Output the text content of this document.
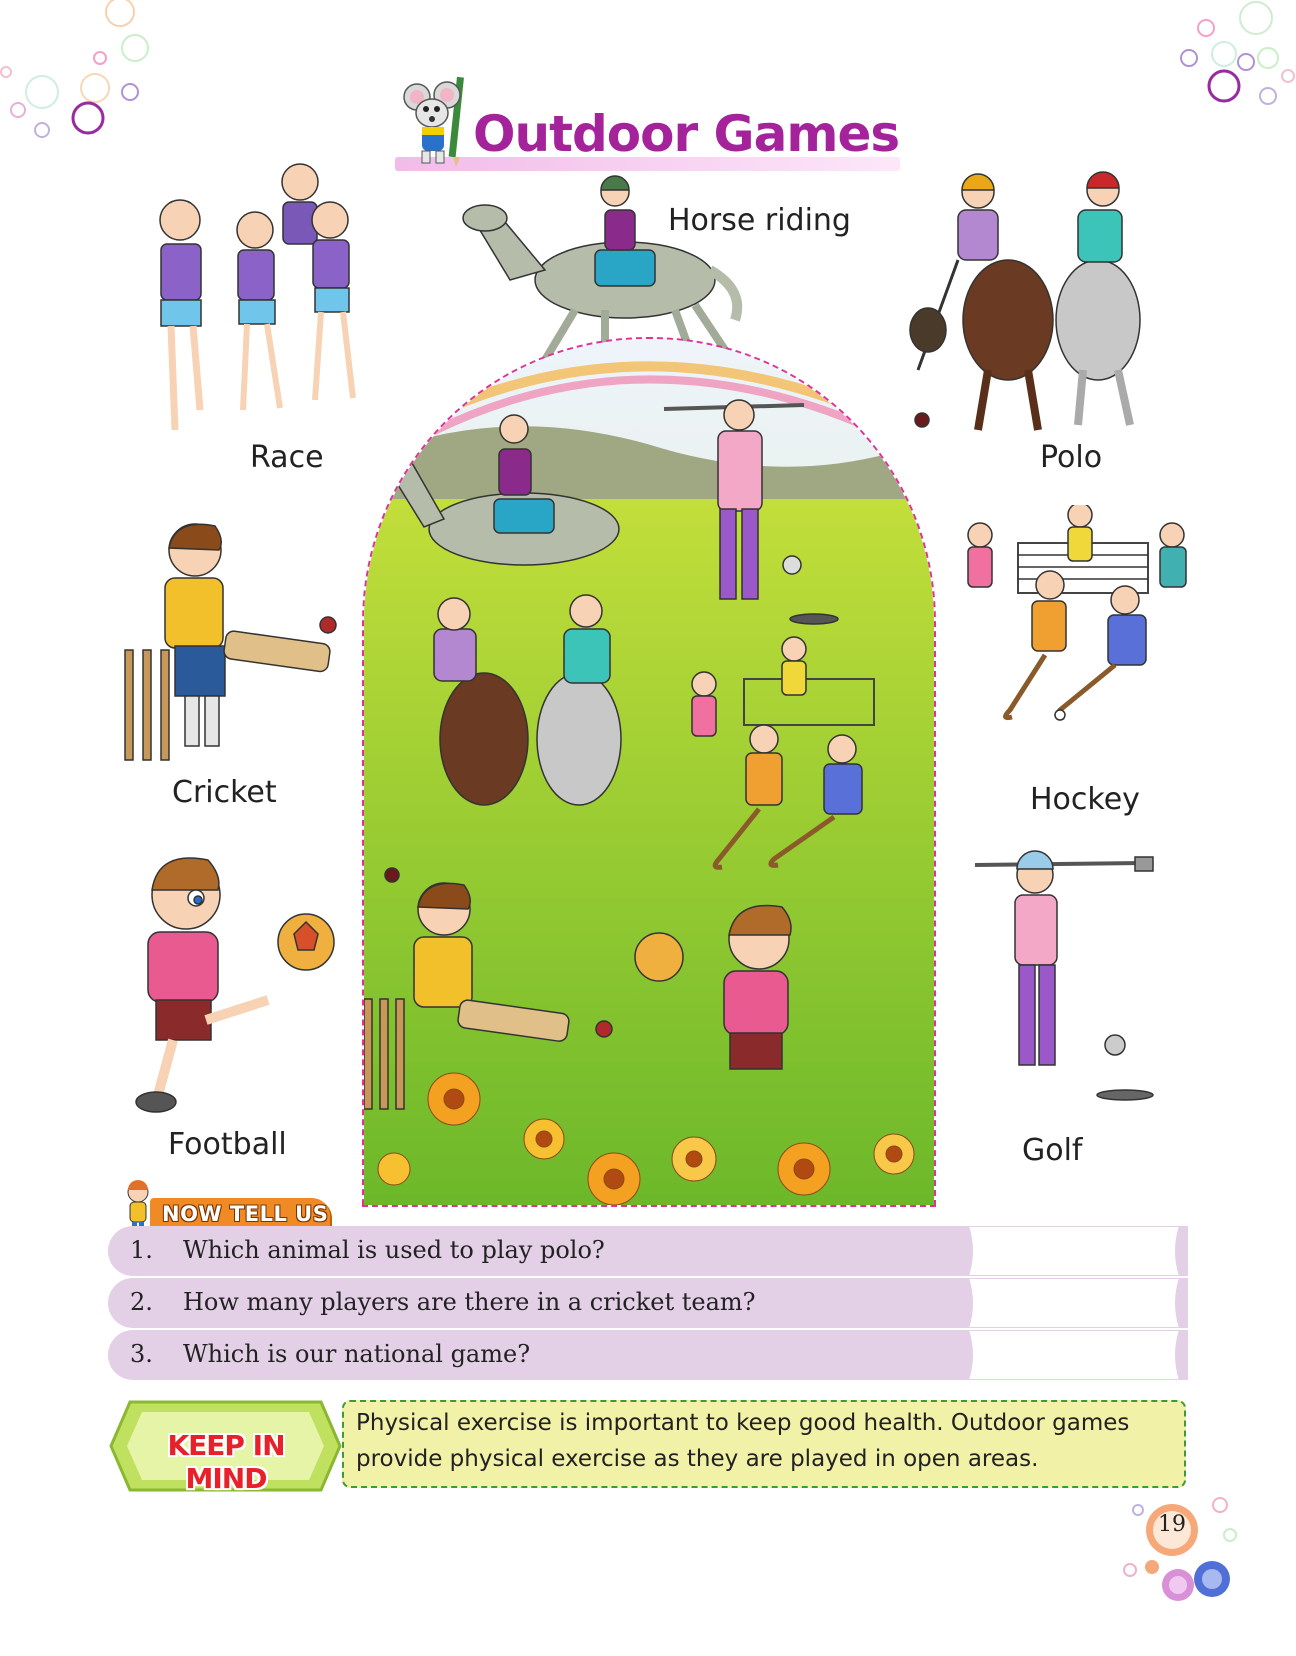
Outdoor Games
Race
Horse riding
Polo
Cricket	Hockey
Football	Golf
NOW TELL US
1. Which animal is used to play polo?
2. How many players are there in a cricket team?
3. Which is our national game?
KEEP IN MIND
Physical exercise is important to keep good health. Outdoor games
provide physical exercise as they are played in open areas.
19
